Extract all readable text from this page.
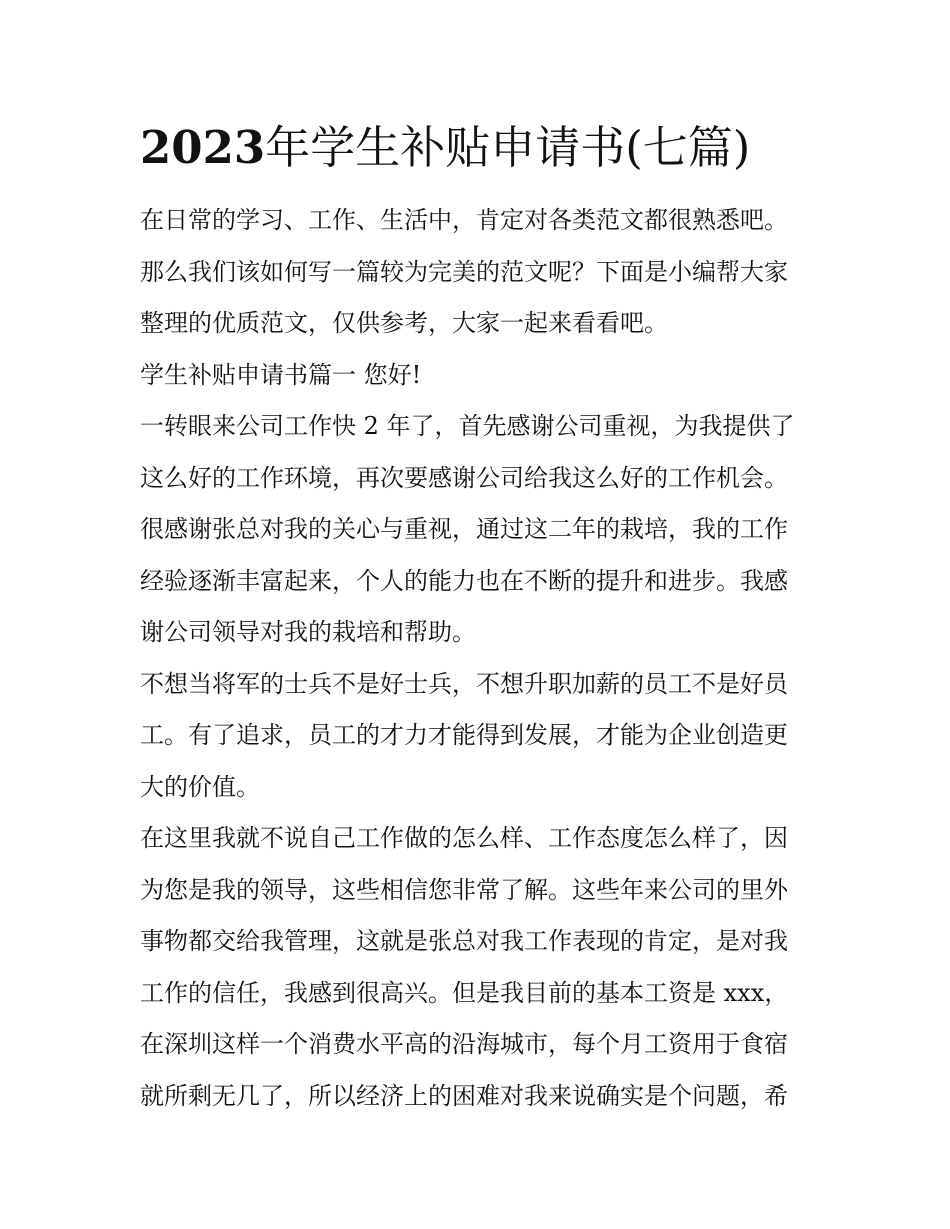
2023年学生补贴申请书(七篇)
在日常的学习、工作、生活中，肯定对各类范文都很熟悉吧。
那么我们该如何写一篇较为完美的范文呢？下面是小编帮大家
整理的优质范文，仅供参考，大家一起来看看吧。
学生补贴申请书篇一 您好!
一转眼来公司工作快 2 年了，首先感谢公司重视，为我提供了
这么好的工作环境，再次要感谢公司给我这么好的工作机会。
很感谢张总对我的关心与重视，通过这二年的栽培，我的工作
经验逐渐丰富起来，个人的能力也在不断的提升和进步。我感
谢公司领导对我的栽培和帮助。
不想当将军的士兵不是好士兵，不想升职加薪的员工不是好员
工。有了追求，员工的才力才能得到发展，才能为企业创造更
大的价值。
在这里我就不说自己工作做的怎么样、工作态度怎么样了，因
为您是我的领导，这些相信您非常了解。这些年来公司的里外
事物都交给我管理，这就是张总对我工作表现的肯定，是对我
工作的信任，我感到很高兴。但是我目前的基本工资是 xxx，
在深圳这样一个消费水平高的沿海城市，每个月工资用于食宿
就所剩无几了，所以经济上的困难对我来说确实是个问题，希
